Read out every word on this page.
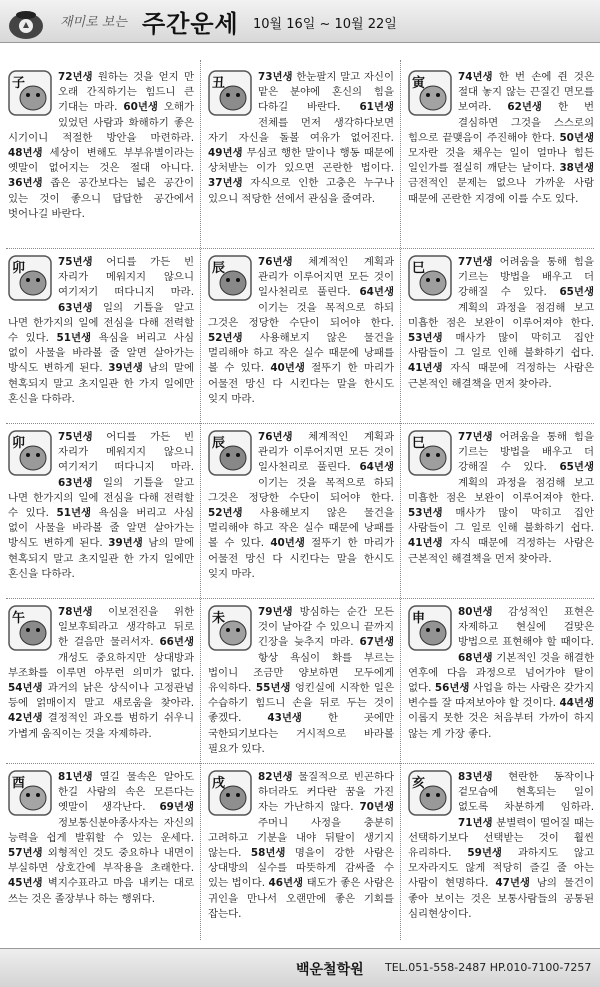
재미로 보는 주간운세 10월 16일 ~ 10월 22일
子	72년생 원하는 것을 얻지 만 오래 간직하기는 힘드니 큰 기대는 마라. 60년생 오해가 있었던 사람과 화해하기 좋은 시기이니 적절한 방안을 마련하라. 48년생 세상이 변해도 부부유별이라는 옛말이 없어지는 것은 절대 아니다. 36년생 좁은 공간보다는 넓은 공간이 있는 것이 좋으니 답답한 공간에서 벗어나길 바란다.
丑	73년생 한눈팔지 말고 자신이 맡은 분야에 혼신의 힘을 다하길 바란다. 61년생 전체를 먼저 생각하다보면 자기 자신을 돌볼 여유가 없어진다. 49년생 무심코 행한 말이나 행동 때문에 상처받는 이가 있으면 곤란한 법이다. 37년생 자식으로 인한 고충은 누구나 있으니 적당한 선에서 관심을 줄여라.
寅	74년생 한 번 손에 쥔 것은 절대 놓지 않는 끈질긴 면모를 보여라. 62년생 한 번 결심하면 그것을 스스로의 힘으로 끝맺음이 주진해야 한다. 50년생 모자란 것을 채우는 일이 얼마나 힘든 일인가를 절실히 깨닫는 날이다. 38년생 금전적인 문제는 없으나 가까운 사람 때문에 곤란한 지경에 이를 수도 있다.
卯	75년생 어디를 가든 빈 자리가 메워지지 않으니 여기저기 떠다니지 마라. 63년생 일의 기틀을 알고 나면 한가지의 일에 전심을 다해 전력할 수 있다. 51년생 욕심을 버리고 사심 없이 사물을 바라볼 줄 알면 살아가는 방식도 변하게 된다. 39년생 남의 말에 현혹되지 말고 초지일관 한 가지 일에만 혼신을 다하라.
辰	76년생 체계적인 계획과 관리가 이루어지면 모든 것이 일사천리로 풀린다. 64년생 이기는 것을 목적으로 하되 그것은 정당한 수단이 되어야 한다. 52년생 사용해보지 않은 물건을 멀리해야 하고 작은 실수 때문에 낭패를 볼 수 있다. 40년생 절뚜기 한 마리가 어물전 망신 다 시킨다는 말을 한시도 잊지 마라.
巳	77년생 어려움을 통해 힘을 기르는 방법을 배우고 더 강해질 수 있다. 65년생 계획의 과정을 점검해 보고 미흡한 점은 보완이 이루어져야 한다. 53년생 매사가 많이 막히고 집안 사람들이 그 일로 인해 불화하기 쉽다. 41년생 자식 때문에 걱정하는 사람은 근본적인 해결책을 먼저 찾아라.
卯	75년생 어디를 가든 빈 자리가 메워지지 않으니 여기저기 떠다니지 마라. 63년생 일의 기틀을 알고 나면 한가지의 일에 전심을 다해 전력할 수 있다. 51년생 욕심을 버리고 사심 없이 사물을 바라볼 줄 알면 살아가는 방식도 변하게 된다. 39년생 남의 말에 현혹되지 말고 초지일관 한 가지 일에만 혼신을 다하라.
辰	76년생 체계적인 계획과 관리가 이루어지면 모든 것이 일사천리로 풀린다. 64년생 이기는 것을 목적으로 하되 그것은 정당한 수단이 되어야 한다. 52년생 사용해보지 않은 물건을 멀리해야 하고 작은 실수 때문에 낭패를 볼 수 있다. 40년생 절뚜기 한 마리가 어물전 망신 다 시킨다는 말을 한시도 잊지 마라.
巳	77년생 어려움을 통해 힘을 기르는 방법을 배우고 더 강해질 수 있다. 65년생 계획의 과정을 점검해 보고 미흡한 점은 보완이 이루어져야 한다. 53년생 매사가 많이 막히고 집안 사람들이 그 일로 인해 불화하기 쉽다. 41년생 자식 때문에 걱정하는 사람은 근본적인 해결책을 먼저 찾아라.
午	78년생 이보전진을 위한 일보후퇴라고 생각하고 뒤로 한 걸음만 물러서자. 66년생 개성도 중요하지만 상대방과 부조화를 이루면 아무런 의미가 없다. 54년생 과거의 낡은 상식이나 고정관념 등에 얽매이지 말고 새로움을 찾아라. 42년생 결정적인 과오를 범하기 쉬우니 가볍게 움직이는 것을 자제하라.
未	79년생 방심하는 순간 모든 것이 날아갈 수 있으니 끝까지 긴장을 늦추지 마라. 67년생 항상 욕심이 화를 부르는 법이니 조금만 양보하면 모두에게 유익하다. 55년생 엉킨실에 시작한 일은 수습하기 힘드니 손을 뒤로 두는 것이 좋겠다. 43년생 한 곳에만 국한되기보다는 거시적으로 바라볼 필요가 있다.
申	80년생 감성적인 표현은 자제하고 현실에 걸맞은 방법으로 표현해야 할 때이다. 68년생 기본적인 것을 해결한 연후에 다음 과정으로 넘어가야 탈이 없다. 56년생 사업을 하는 사람은 갖가지 변수를 잘 따져보아야 할 것이다. 44년생 이롭지 못한 것은 처음부터 가까이 하지 않는 게 가장 좋다.
酉	81년생 열길 물속은 알아도 한길 사람의 속은 모른다는 옛말이 생각난다. 69년생 정보통신분야종사자는 자신의 능력을 쉽게 발휘할 수 있는 운세다. 57년생 외형적인 것도 중요하나 내면이 부실하면 상호간에 부작용을 초래한다. 45년생 벽지수표라고 마음 내키는 대로 쓰는 것은 졸장부나 하는 행위다.
戌	82년생 물질적으로 빈곤하다 하더라도 커다란 꿈을 가진 자는 가난하지 않다. 70년생 주머니 사정을 충분히 고려하고 기분을 내야 뒤탈이 생기지 않는다. 58년생 명을이 강한 사람은 상대방의 실수를 따뜻하게 감싸줄 수 있는 법이다. 46년생 태도가 좋은 사람은 귀인을 만나서 오랜만에 좋은 기회를 잡는다.
亥	83년생 현란한 동작이나 겉모습에 현혹되는 일이 없도록 차분하게 임하라. 71년생 분별력이 떨어질 때는 선택하기보다 선택받는 것이 훨씬 유리하다. 59년생 과하지도 않고 모자라지도 않게 적당히 즐길 줄 아는 사람이 현명하다. 47년생 남의 물건이 좋아 보이는 것은 보통사람들의 공통된 심리현상이다.
백운철학원 TEL.051-558-2487 HP.010-7100-7257
